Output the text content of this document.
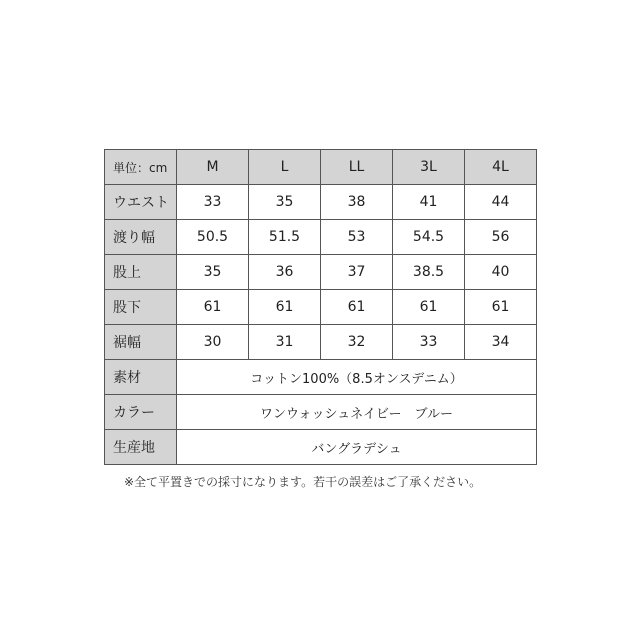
単位：cm	M	L	LL	3L	4L
ウエスト	33	35	38	41	44
渡り幅	50.5	51.5	53	54.5	56
股上	35	36	37	38.5	40
股下	61	61	61	61	61
裾幅	30	31	32	33	34
素材	コットン100%（8.5オンスデニム）				
カラー	ワンウォッシュネイビー　ブルー				
生産地	バングラデシュ				
※全て平置きでの採寸になります。若干の誤差はご了承ください。
